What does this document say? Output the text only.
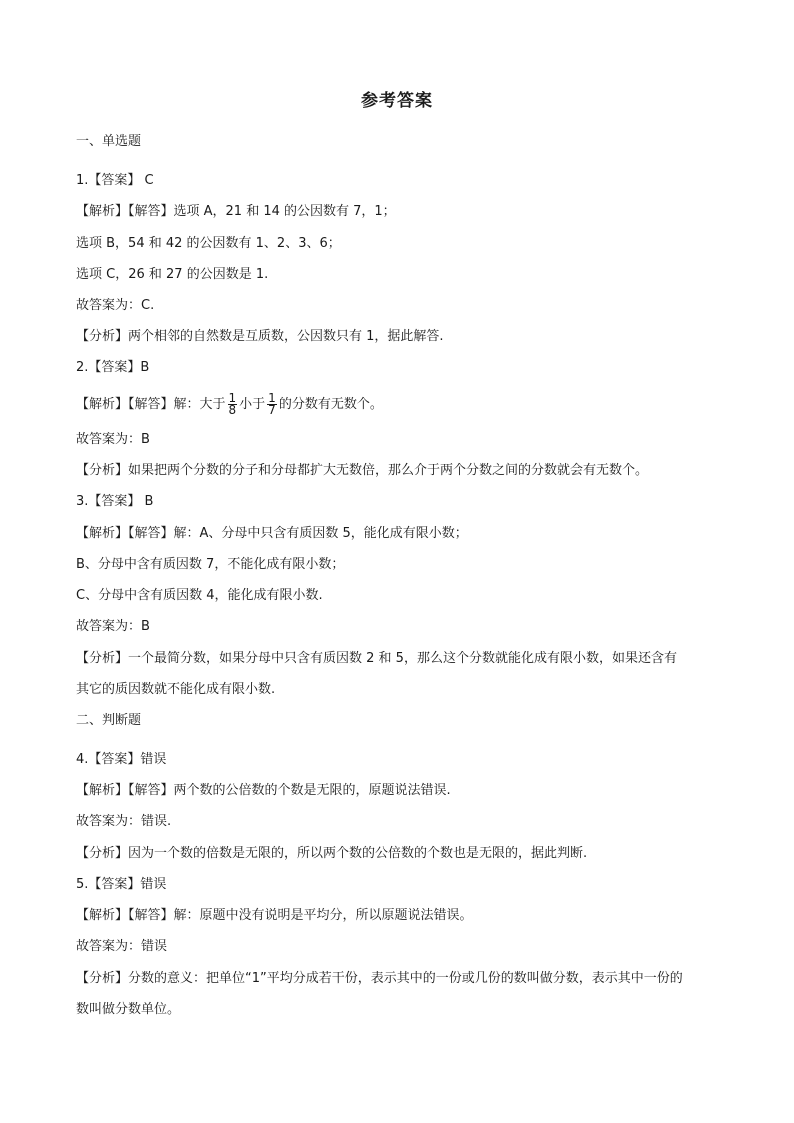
参考答案
一、单选题
1.【答案】 C
【解析】【解答】选项 A，21 和 14 的公因数有 7，1；
选项 B，54 和 42 的公因数有 1、2、3、6；
选项 C，26 和 27 的公因数是 1.
故答案为：C.
【分析】两个相邻的自然数是互质数，公因数只有 1，据此解答.
2.【答案】B
【解析】【解答】解：大于 $\frac{1}{8}$ 小于 $\frac{1}{7}$ 的分数有无数个。
故答案为：B
【分析】如果把两个分数的分子和分母都扩大无数倍，那么介于两个分数之间的分数就会有无数个。
3.【答案】 B
【解析】【解答】解：A、分母中只含有质因数 5，能化成有限小数；
B、分母中含有质因数 7，不能化成有限小数；
C、分母中含有质因数 4，能化成有限小数.
故答案为：B
【分析】一个最简分数，如果分母中只含有质因数 2 和 5，那么这个分数就能化成有限小数，如果还含有
其它的质因数就不能化成有限小数.
二、判断题
4.【答案】错误
【解析】【解答】两个数的公倍数的个数是无限的，原题说法错误.
故答案为：错误.
【分析】因为一个数的倍数是无限的，所以两个数的公倍数的个数也是无限的，据此判断.
5.【答案】错误
【解析】【解答】解：原题中没有说明是平均分，所以原题说法错误。
故答案为：错误
【分析】分数的意义：把单位“1”平均分成若干份，表示其中的一份或几份的数叫做分数，表示其中一份的
数叫做分数单位。
